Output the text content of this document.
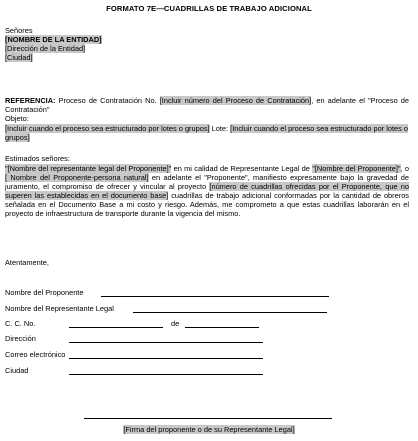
FORMATO 7E—CUADRILLAS DE TRABAJO ADICIONAL
Señores
[NOMBRE DE LA ENTIDAD]
[Dirección de la Entidad]
[Ciudad]
REFERENCIA: Proceso de Contratación No. [Incluir número del Proceso de Contratación], en adelante el "Proceso de Contratación"
Objeto:
[Incluir cuando el proceso sea estructurado por lotes o grupos] Lote: [Incluir cuando el proceso sea estructurado por lotes o grupos]
Estimados señores:
"[Nombre del representante legal del Proponente]" en mi calidad de Representante Legal de "[Nombre del Proponente]", o [ Nombre del Proponente-persona natural] en adelante el "Proponente", manifiesto expresamente bajo la gravedad de juramento, el compromiso de ofrecer y vincular al proyecto [número de cuadrillas ofrecidas por el Proponente, que no superen las establecidas en el documento base] cuadrillas de trabajo adicional conformadas por la cantidad de obreros señalada en el Documento Base a mi costo y riesgo. Además, me comprometo a que estas cuadrillas laborarán en el proyecto de infraestructura de transporte durante la vigencia del mismo.
Atentamente,
Nombre del Proponente
Nombre del Representante Legal
C. C. No.	de
Dirección
Correo electrónico
Ciudad
[Firma del proponente o de su Representante Legal]
